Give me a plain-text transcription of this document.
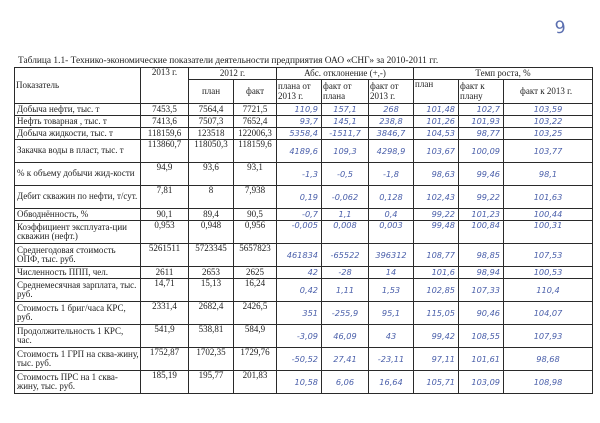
9
Таблица 1.1- Технико-экономические показатели деятельности предприятия ОАО «СНГ» за 2010-2011 гг.
Показатель	2013 г.	2012 г.		Абс. отклонение (+,-)			Темп роста, %		
		план	факт	плана от 2013 г.	факт от плана	факт от 2013 г.	план	факт к плану	факт к 2013 г.
Добыча нефти, тыс. т	7453,5	7564,4	7721,5	110,9	157,1	268	101,48	102,7	103,59
Нефть товарная , тыс. т	7413,6	7507,3	7652,4	93,7	145,1	238,8	101,26	101,93	103,22
Добыча жидкости, тыс. т	118159,6	123518	122006,3	5358,4	-1511,7	3846,7	104,53	98,77	103,25
Закачка воды в пласт, тыс. т	113860,7	118050,3	118159,6	4189,6	109,3	4298,9	103,67	100,09	103,77
% к объему добычи жид-кости	94,9	93,6	93,1	-1,3	-0,5	-1,8	98,63	99,46	98,1
Дебит скважин по нефти, т/сут.	7,81	8	7,938	0,19	-0,062	0,128	102,43	99,22	101,63
Обводнённость, %	90,1	89,4	90,5	-0,7	1,1	0,4	99,22	101,23	100,44
Коэффициент эксплуата-ции скважин (нефт.)	0,953	0,948	0,956	-0,005	0,008	0,003	99,48	100,84	100,31
Среднегодовая стоимость ОПФ, тыс. руб.	5261511	5723345	5657823	461834	-65522	396312	108,77	98,85	107,53
Численность ППП, чел.	2611	2653	2625	42	-28	14	101,6	98,94	100,53
Среднемесячная зарплата, тыс. руб.	14,71	15,13	16,24	0,42	1,11	1,53	102,85	107,33	110,4
Стоимость 1 бриг/часа КРС, руб.	2331,4	2682,4	2426,5	351	-255,9	95,1	115,05	90,46	104,07
Продолжительность 1 КРС, час.	541,9	538,81	584,9	-3,09	46,09	43	99,42	108,55	107,93
Стоимость 1 ГРП на сква-жину, тыс. руб.	1752,87	1702,35	1729,76	-50,52	27,41	-23,11	97,11	101,61	98,68
Стоимость ПРС на 1 сква-жину, тыс. руб.	185,19	195,77	201,83	10,58	6,06	16,64	105,71	103,09	108,98
